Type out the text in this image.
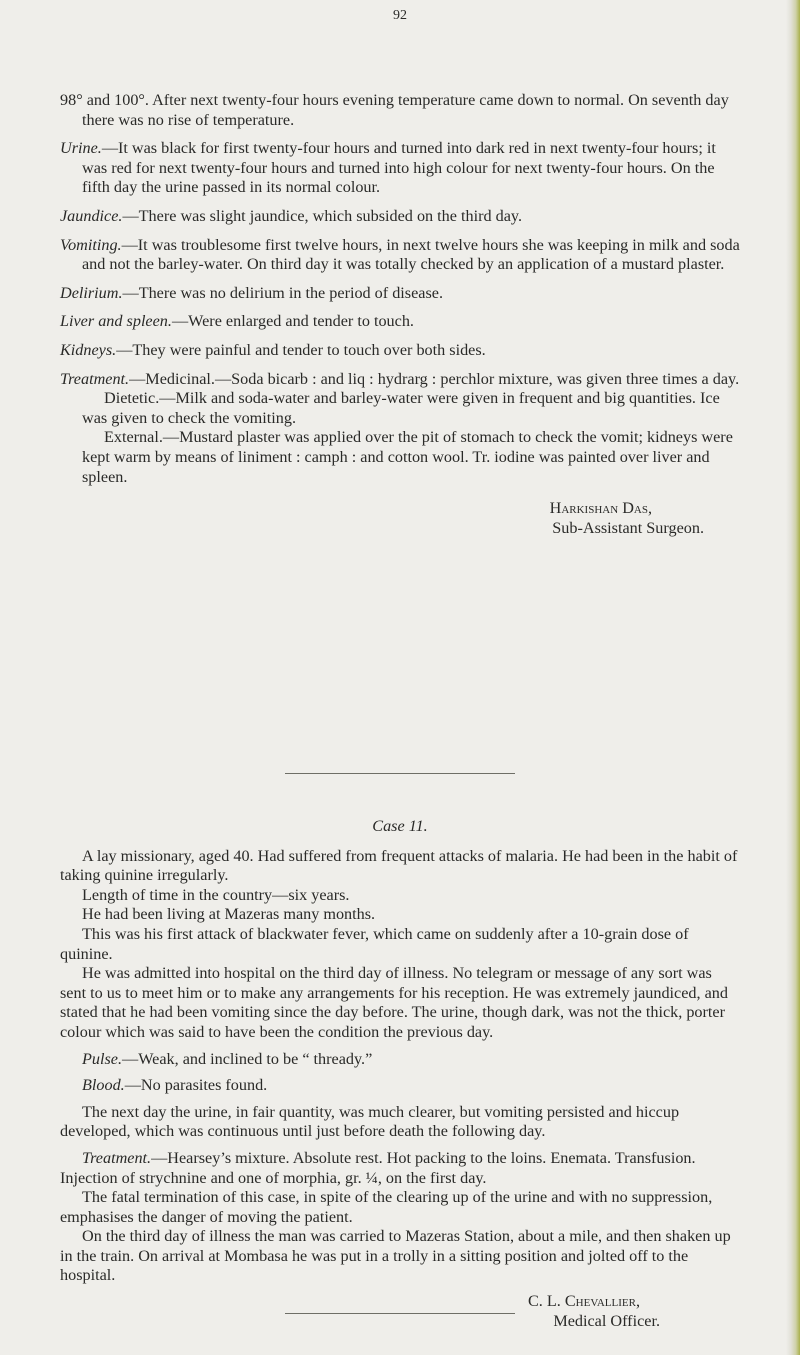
92

98° and 100°. After next twenty-four hours evening temperature came down to normal. On seventh day there was no rise of temperature.

Urine.—It was black for first twenty-four hours and turned into dark red in next twenty-four hours; it was red for next twenty-four hours and turned into high colour for next twenty-four hours. On the fifth day the urine passed in its normal colour.

Jaundice.—There was slight jaundice, which subsided on the third day.

Vomiting.—It was troublesome first twelve hours, in next twelve hours she was keeping in milk and soda and not the barley-water. On third day it was totally checked by an application of a mustard plaster.

Delirium.—There was no delirium in the period of disease.

Liver and spleen.—Were enlarged and tender to touch.

Kidneys.—They were painful and tender to touch over both sides.

Treatment.—Medicinal.—Soda bicarb : and liq : hydrarg : perchlor mixture, was given three times a day.

Dietetic.—Milk and soda-water and barley-water were given in frequent and big quantities. Ice was given to check the vomiting.

External.—Mustard plaster was applied over the pit of stomach to check the vomit; kidneys were kept warm by means of liniment : camph : and cotton wool. Tr. iodine was painted over liver and spleen.

Harkishan Das,

Sub-Assistant Surgeon.

Case 11.

A lay missionary, aged 40. Had suffered from frequent attacks of malaria. He had been in the habit of taking quinine irregularly.

Length of time in the country—six years.

He had been living at Mazeras many months.

This was his first attack of blackwater fever, which came on suddenly after a 10-grain dose of quinine.

He was admitted into hospital on the third day of illness. No telegram or message of any sort was sent to us to meet him or to make any arrangements for his reception. He was extremely jaundiced, and stated that he had been vomiting since the day before. The urine, though dark, was not the thick, porter colour which was said to have been the condition the previous day.

Pulse.—Weak, and inclined to be “ thready.”

Blood.—No parasites found.

The next day the urine, in fair quantity, was much clearer, but vomiting persisted and hiccup developed, which was continuous until just before death the following day.

Treatment.—Hearsey’s mixture. Absolute rest. Hot packing to the loins. Enemata. Transfusion. Injection of strychnine and one of morphia, gr. ¼, on the first day.

The fatal termination of this case, in spite of the clearing up of the urine and with no suppression, emphasises the danger of moving the patient.

On the third day of illness the man was carried to Mazeras Station, about a mile, and then shaken up in the train. On arrival at Mombasa he was put in a trolly in a sitting position and jolted off to the hospital.

C. L. Chevallier,

Medical Officer.
